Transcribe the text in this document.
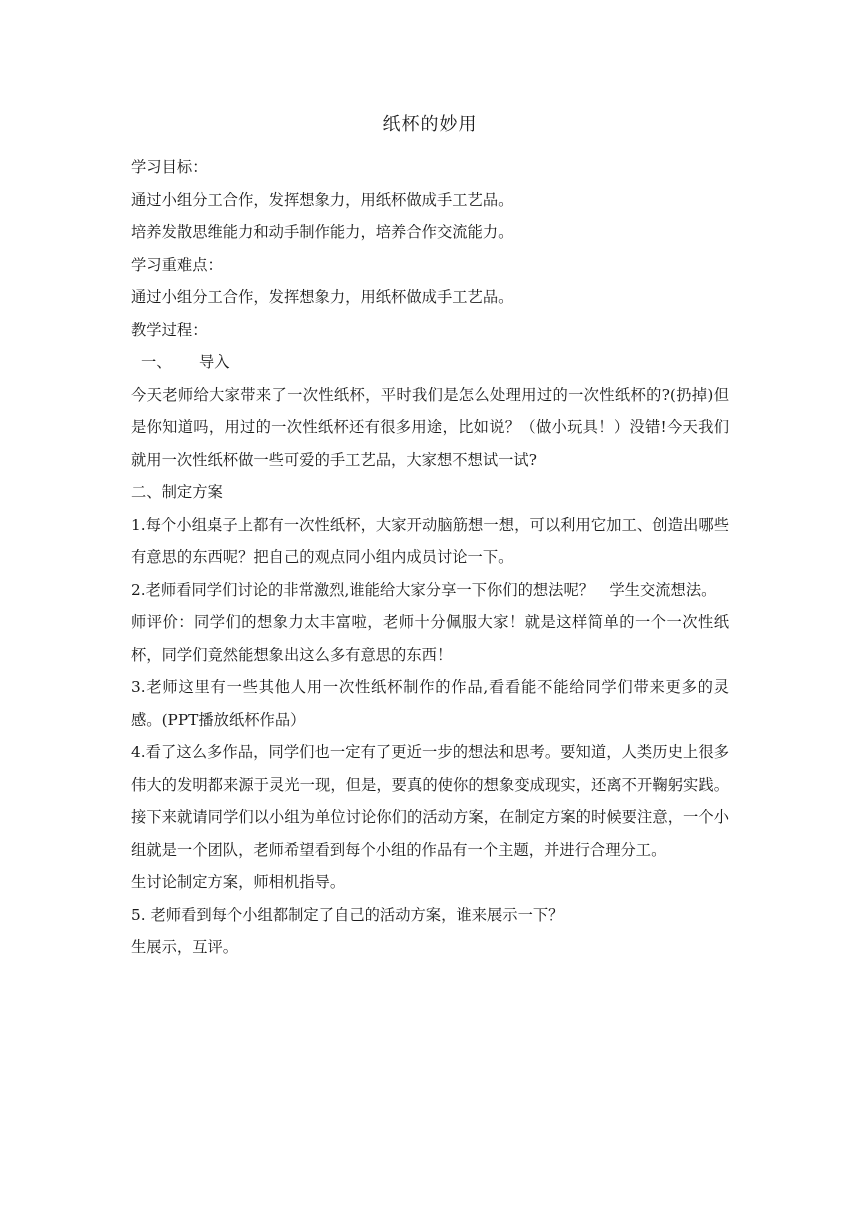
纸杯的妙用

学习目标：

通过小组分工合作，发挥想象力，用纸杯做成手工艺品。

培养发散思维能力和动手制作能力，培养合作交流能力。

学习重难点：

通过小组分工合作，发挥想象力，用纸杯做成手工艺品。

教学过程：

一、 导入

今天老师给大家带来了一次性纸杯，平时我们是怎么处理用过的一次性纸杯的?(扔掉)但是你知道吗，用过的一次性纸杯还有很多用途，比如说？（做小玩具！）没错!今天我们就用一次性纸杯做一些可爱的手工艺品，大家想不想试一试?

二、制定方案

1.每个小组桌子上都有一次性纸杯，大家开动脑筋想一想，可以利用它加工、创造出哪些有意思的东西呢？把自己的观点同小组内成员讨论一下。

2.老师看同学们讨论的非常激烈,谁能给大家分享一下你们的想法呢？　学生交流想法。

师评价：同学们的想象力太丰富啦，老师十分佩服大家！就是这样简单的一个一次性纸杯，同学们竟然能想象出这么多有意思的东西！

3.老师这里有一些其他人用一次性纸杯制作的作品,看看能不能给同学们带来更多的灵感。(PPT播放纸杯作品）

4.看了这么多作品，同学们也一定有了更近一步的想法和思考。要知道，人类历史上很多伟大的发明都来源于灵光一现，但是，要真的使你的想象变成现实，还离不开鞠躬实践。接下来就请同学们以小组为单位讨论你们的活动方案，在制定方案的时候要注意，一个小组就是一个团队，老师希望看到每个小组的作品有一个主题，并进行合理分工。

生讨论制定方案，师相机指导。

5. 老师看到每个小组都制定了自己的活动方案，谁来展示一下？

生展示，互评。
